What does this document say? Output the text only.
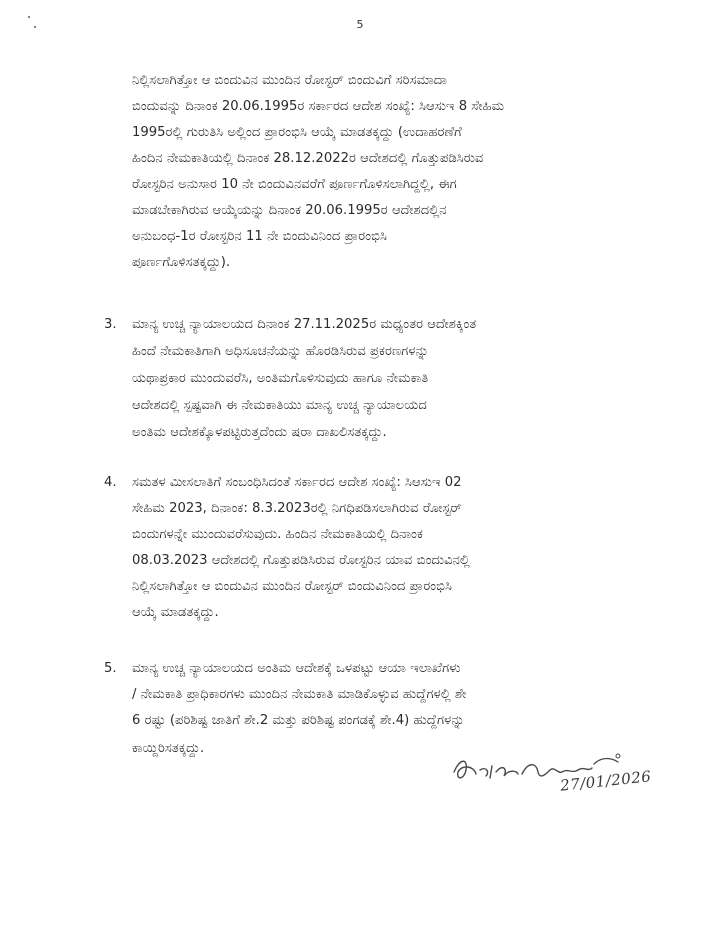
5
ನಿಲ್ಲಿಸಲಾಗಿತ್ತೋ ಆ ಬಿಂದುವಿನ ಮುಂದಿನ ರೋಸ್ಟರ್ ಬಿಂದುವಿಗೆ ಸರಿಸಮಾದಾ
ಬಿಂದುವನ್ನು ದಿನಾಂಕ 20.06.1995ರ ಸರ್ಕಾರದ ಆದೇಶ ಸಂಖ್ಯೆ: ಸಿಆಸುಇ 8 ಸೇಹಿಮ
1995ರಲ್ಲಿ ಗುರುತಿಸಿ ಅಲ್ಲಿಂದ ಪ್ರಾರಂಭಿಸಿ ಆಯ್ಕೆ ಮಾಡತಕ್ಕದ್ದು (ಉದಾಹರಣೆಗೆ
ಹಿಂದಿನ ನೇಮಕಾತಿಯಲ್ಲಿ ದಿನಾಂಕ 28.12.2022ರ ಆದೇಶದಲ್ಲಿ ಗೊತ್ತುಪಡಿಸಿರುವ
ರೋಸ್ಟರಿನ ಅನುಸಾರ 10 ನೇ ಬಿಂದುವಿನವರೆಗೆ ಪೂರ್ಣಗೊಳಿಸಲಾಗಿದ್ದಲ್ಲಿ, ಈಗ
ಮಾಡಬೇಕಾಗಿರುವ ಆಯ್ಕೆಯನ್ನು ದಿನಾಂಕ 20.06.1995ರ ಆದೇಶದಲ್ಲಿನ
ಅನುಬಂಧ-1ರ ರೋಸ್ಟರಿನ 11 ನೇ ಬಿಂದುವಿನಿಂದ ಪ್ರಾರಂಭಿಸಿ
ಪೂರ್ಣಗೊಳಿಸತಕ್ಕದ್ದು).
3. ಮಾನ್ಯ ಉಚ್ಚ ನ್ಯಾಯಾಲಯದ ದಿನಾಂಕ 27.11.2025ರ ಮಧ್ಯಂತರ ಆದೇಶಕ್ಕಿಂತ
ಹಿಂದೆ ನೇಮಕಾತಿಗಾಗಿ ಅಧಿಸೂಚನೆಯನ್ನು ಹೊರಡಿಸಿರುವ ಪ್ರಕರಣಗಳನ್ನು
ಯಥಾಪ್ರಕಾರ ಮುಂದುವರೆಸಿ, ಅಂತಿಮಗೊಳಿಸುವುದು ಹಾಗೂ ನೇಮಕಾತಿ
ಆದೇಶದಲ್ಲಿ ಸ್ಪಷ್ಟವಾಗಿ ಈ ನೇಮಕಾತಿಯು ಮಾನ್ಯ ಉಚ್ಚ ನ್ಯಾಯಾಲಯದ
ಅಂತಿಮ ಆದೇಶಕ್ಕೊಳಪಟ್ಟಿರುತ್ತದೆಂದು ಷರಾ ದಾಖಲಿಸತಕ್ಕದ್ದು.
4. ಸಮತಳ ಮೀಸಲಾತಿಗೆ ಸಂಬಂಧಿಸಿದಂತೆ ಸರ್ಕಾರದ ಆದೇಶ ಸಂಖ್ಯೆ: ಸಿಆಸುಇ 02
ಸೇಹಿಮ 2023, ದಿನಾಂಕ: 8.3.2023ರಲ್ಲಿ ನಿಗಧಿಪಡಿಸಲಾಗಿರುವ ರೋಸ್ಟರ್
ಬಿಂದುಗಳನ್ನೇ ಮುಂದುವರೆಸುವುದು. ಹಿಂದಿನ ನೇಮಕಾತಿಯಲ್ಲಿ ದಿನಾಂಕ
08.03.2023 ಆದೇಶದಲ್ಲಿ ಗೊತ್ತುಪಡಿಸಿರುವ ರೋಸ್ಟರಿನ ಯಾವ ಬಿಂದುವಿನಲ್ಲಿ
ನಿಲ್ಲಿಸಲಾಗಿತ್ತೋ ಆ ಬಿಂದುವಿನ ಮುಂದಿನ ರೋಸ್ಟರ್ ಬಿಂದುವಿನಿಂದ ಪ್ರಾರಂಭಿಸಿ
ಆಯ್ಕೆ ಮಾಡತಕ್ಕದ್ದು.
5. ಮಾನ್ಯ ಉಚ್ಚ ನ್ಯಾಯಾಲಯದ ಅಂತಿಮ ಆದೇಶಕ್ಕೆ ಒಳಪಟ್ಟು ಆಯಾ ಇಲಾಖೆಗಳು
/ ನೇಮಕಾತಿ ಪ್ರಾಧಿಕಾರಗಳು ಮುಂದಿನ ನೇಮಕಾತಿ ಮಾಡಿಕೊಳ್ಳುವ ಹುದ್ದೆಗಳಲ್ಲಿ ಶೇ
6 ರಷ್ಟು (ಪರಿಶಿಷ್ಟ ಜಾತಿಗೆ ಶೇ.2 ಮತ್ತು ಪರಿಶಿಷ್ಟ ಪಂಗಡಕ್ಕೆ ಶೇ.4) ಹುದ್ದೆಗಳನ್ನು
ಕಾಯ್ದಿರಿಸತಕ್ಕದ್ದು.
27/01/2026
